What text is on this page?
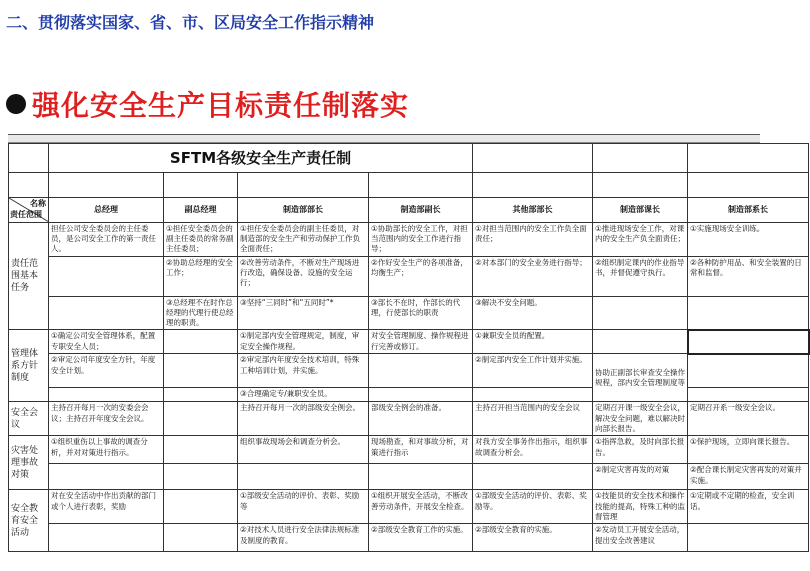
二、贯彻落实国家、省、市、区局安全工作指示精神
强化安全生产目标责任制落实
	SFTM各级安全生产责任制						

名称
责任范围	总经理	副总经理	制造部部长	制造部副长	其他部部长	制造部课长	制造部系长
责任范围基本任务	担任公司安全委员会的主任委员，是公司安全工作的第一责任人。	①担任安全委员会的副主任委员的常务副主任委员；	①担任安全委员会的副主任委员，对制造部的安全生产和劳动保护工作负全面责任；	①协助部长的安全工作，对担当范围内的安全工作进行指导；	①对担当范围内的安全工作负全面责任；	①推进现场安全工作，对课内的安全生产负全面责任；	①实施现场安全训练。
		②协助总经理的安全工作；	②改善劳动条件，不断对生产现场进行改造，确保设备、设施的安全运行；	②作好安全生产的各项准备，均衡生产；	②对本部门的安全业务进行指导；	②组织制定课内的作业指导书，并督促遵守执行。	②各种防护用品、和安全装置的日常和监督。
		③总经理不在时作总经理的代理行使总经理的职责。	③坚持“三同时”和“五同时”*	③部长不在时，作部长的代理，行使部长的职责	③解决不安全问题。		
管理体系方针制度	①确定公司安全管理体系，配置专职安全人员；		①制定部内安全管理规定，制度，审定安全操作规程。	对安全管理制度、操作规程进行完善或修订。	①兼职安全员的配置。		
	②审定公司年度安全方针，年度安全计划。		②审定部内年度安全技术培训，特殊工种培训计划，并实施。		②制定部内安全工作计划并实施。	协助正副部长审查安全操作规程，部内安全管理制度等	
			③合理确定专/兼职安全员。				
安全会议	主持召开每月一次的安委会会议；主持召开年度安全会议。		主持召开每月一次的部级安全例会。	部级安全例会的准备。	主持召开担当范围内的安全会议	定期召开课一级安全会议，解决安全问题，难以解决时向部长报告。	定期召开系一级安全会议。
灾害处理事故对策	①组织重伤以上事故的调查分析，并对对策进行指示。		组织事故现场会和调查分析会。	现场勘查，和对事故分析，对策进行指示	对我方安全事务作出指示，组织事故调查分析会。	①指挥急救，及时向部长报告。	①保护现场，立即向课长报告。
						②制定灾害再发的对策	②配合课长制定灾害再发的对策并实施。
安全教育安全活动	对在安全活动中作出贡献的部门或个人进行表彰，奖励		①部级安全活动的评价、表彰、奖励等	①组织开展安全活动，不断改善劳动条件，开展安全检查。	①部级安全活动的评价、表彰、奖励等。	①技能员的安全技术和操作技能的提高，特殊工种的监督管理	①定期或不定期的检查，安全训话。
			②对技术人员进行安全法律法规标准及制度的教育。	②部级安全教育工作的实施。	②部级安全教育的实施。	②发动员工开展安全活动，提出安全改善建议	
